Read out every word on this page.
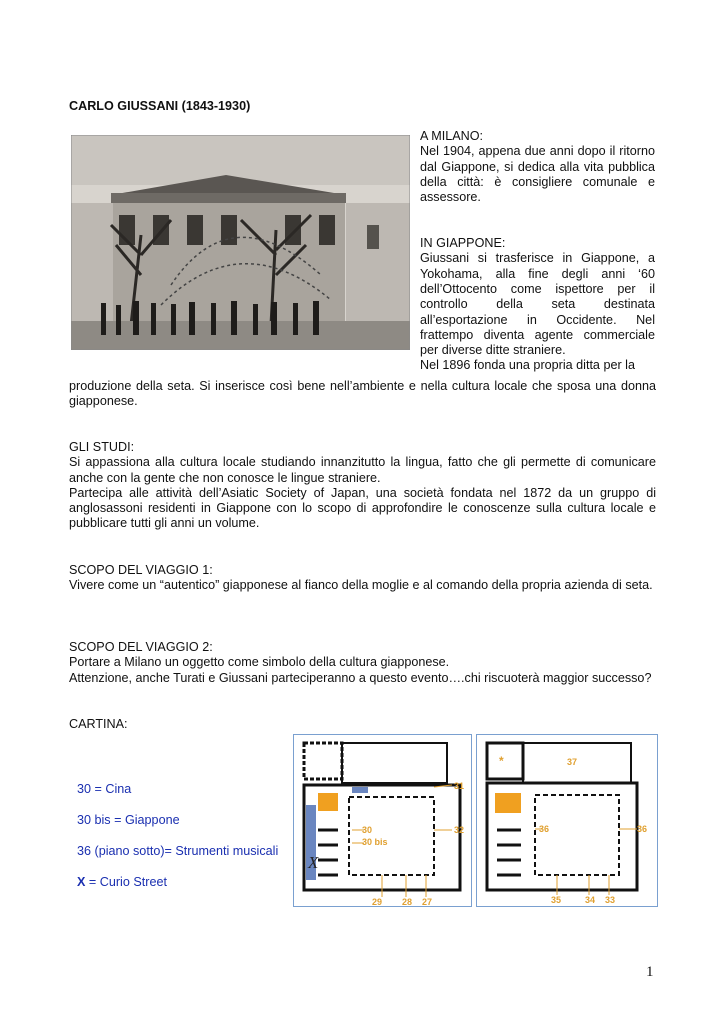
CARLO GIUSSANI (1843-1930)

A MILANO:

Nel 1904, appena due anni dopo il ritorno dal Giappone, si dedica alla vita pubblica della città: è consigliere comunale e assessore.

IN GIAPPONE:

Giussani si trasferisce in Giappone, a Yokohama, alla fine degli anni ‘60 dell’Ottocento come ispettore per il controllo della seta destinata all’esportazione in Occidente. Nel frattempo diventa agente commerciale per diverse ditte straniere.

Nel 1896 fonda una propria ditta per la

produzione della seta. Si inserisce così bene nell’ambiente e nella cultura locale che sposa una donna giapponese.

GLI STUDI:

Si appassiona alla cultura locale studiando innanzitutto la lingua, fatto che gli permette di comunicare anche con la gente che non conosce le lingue straniere.

Partecipa alle attività dell’Asiatic Society of Japan, una società fondata nel 1872 da un gruppo di anglosassoni residenti in Giappone con lo scopo di approfondire le conoscenze sulla cultura locale e pubblicare tutti gli anni un volume.

SCOPO DEL VIAGGIO 1:

Vivere come un “autentico” giapponese al fianco della moglie e al comando della propria azienda di seta.

SCOPO DEL VIAGGIO 2:

Portare a Milano un oggetto come simbolo della cultura giapponese.

Attenzione, anche Turati e Giussani parteciperanno a questo evento….chi riscuoterà maggior successo?

CARTINA:
30 = Cina
30 bis = Giappone
36 (piano sotto)= Strumenti musicali
X = Curio Street
31
30
30 bis
32
29 28 27
X
*	37
36	36
35	34 33
1
